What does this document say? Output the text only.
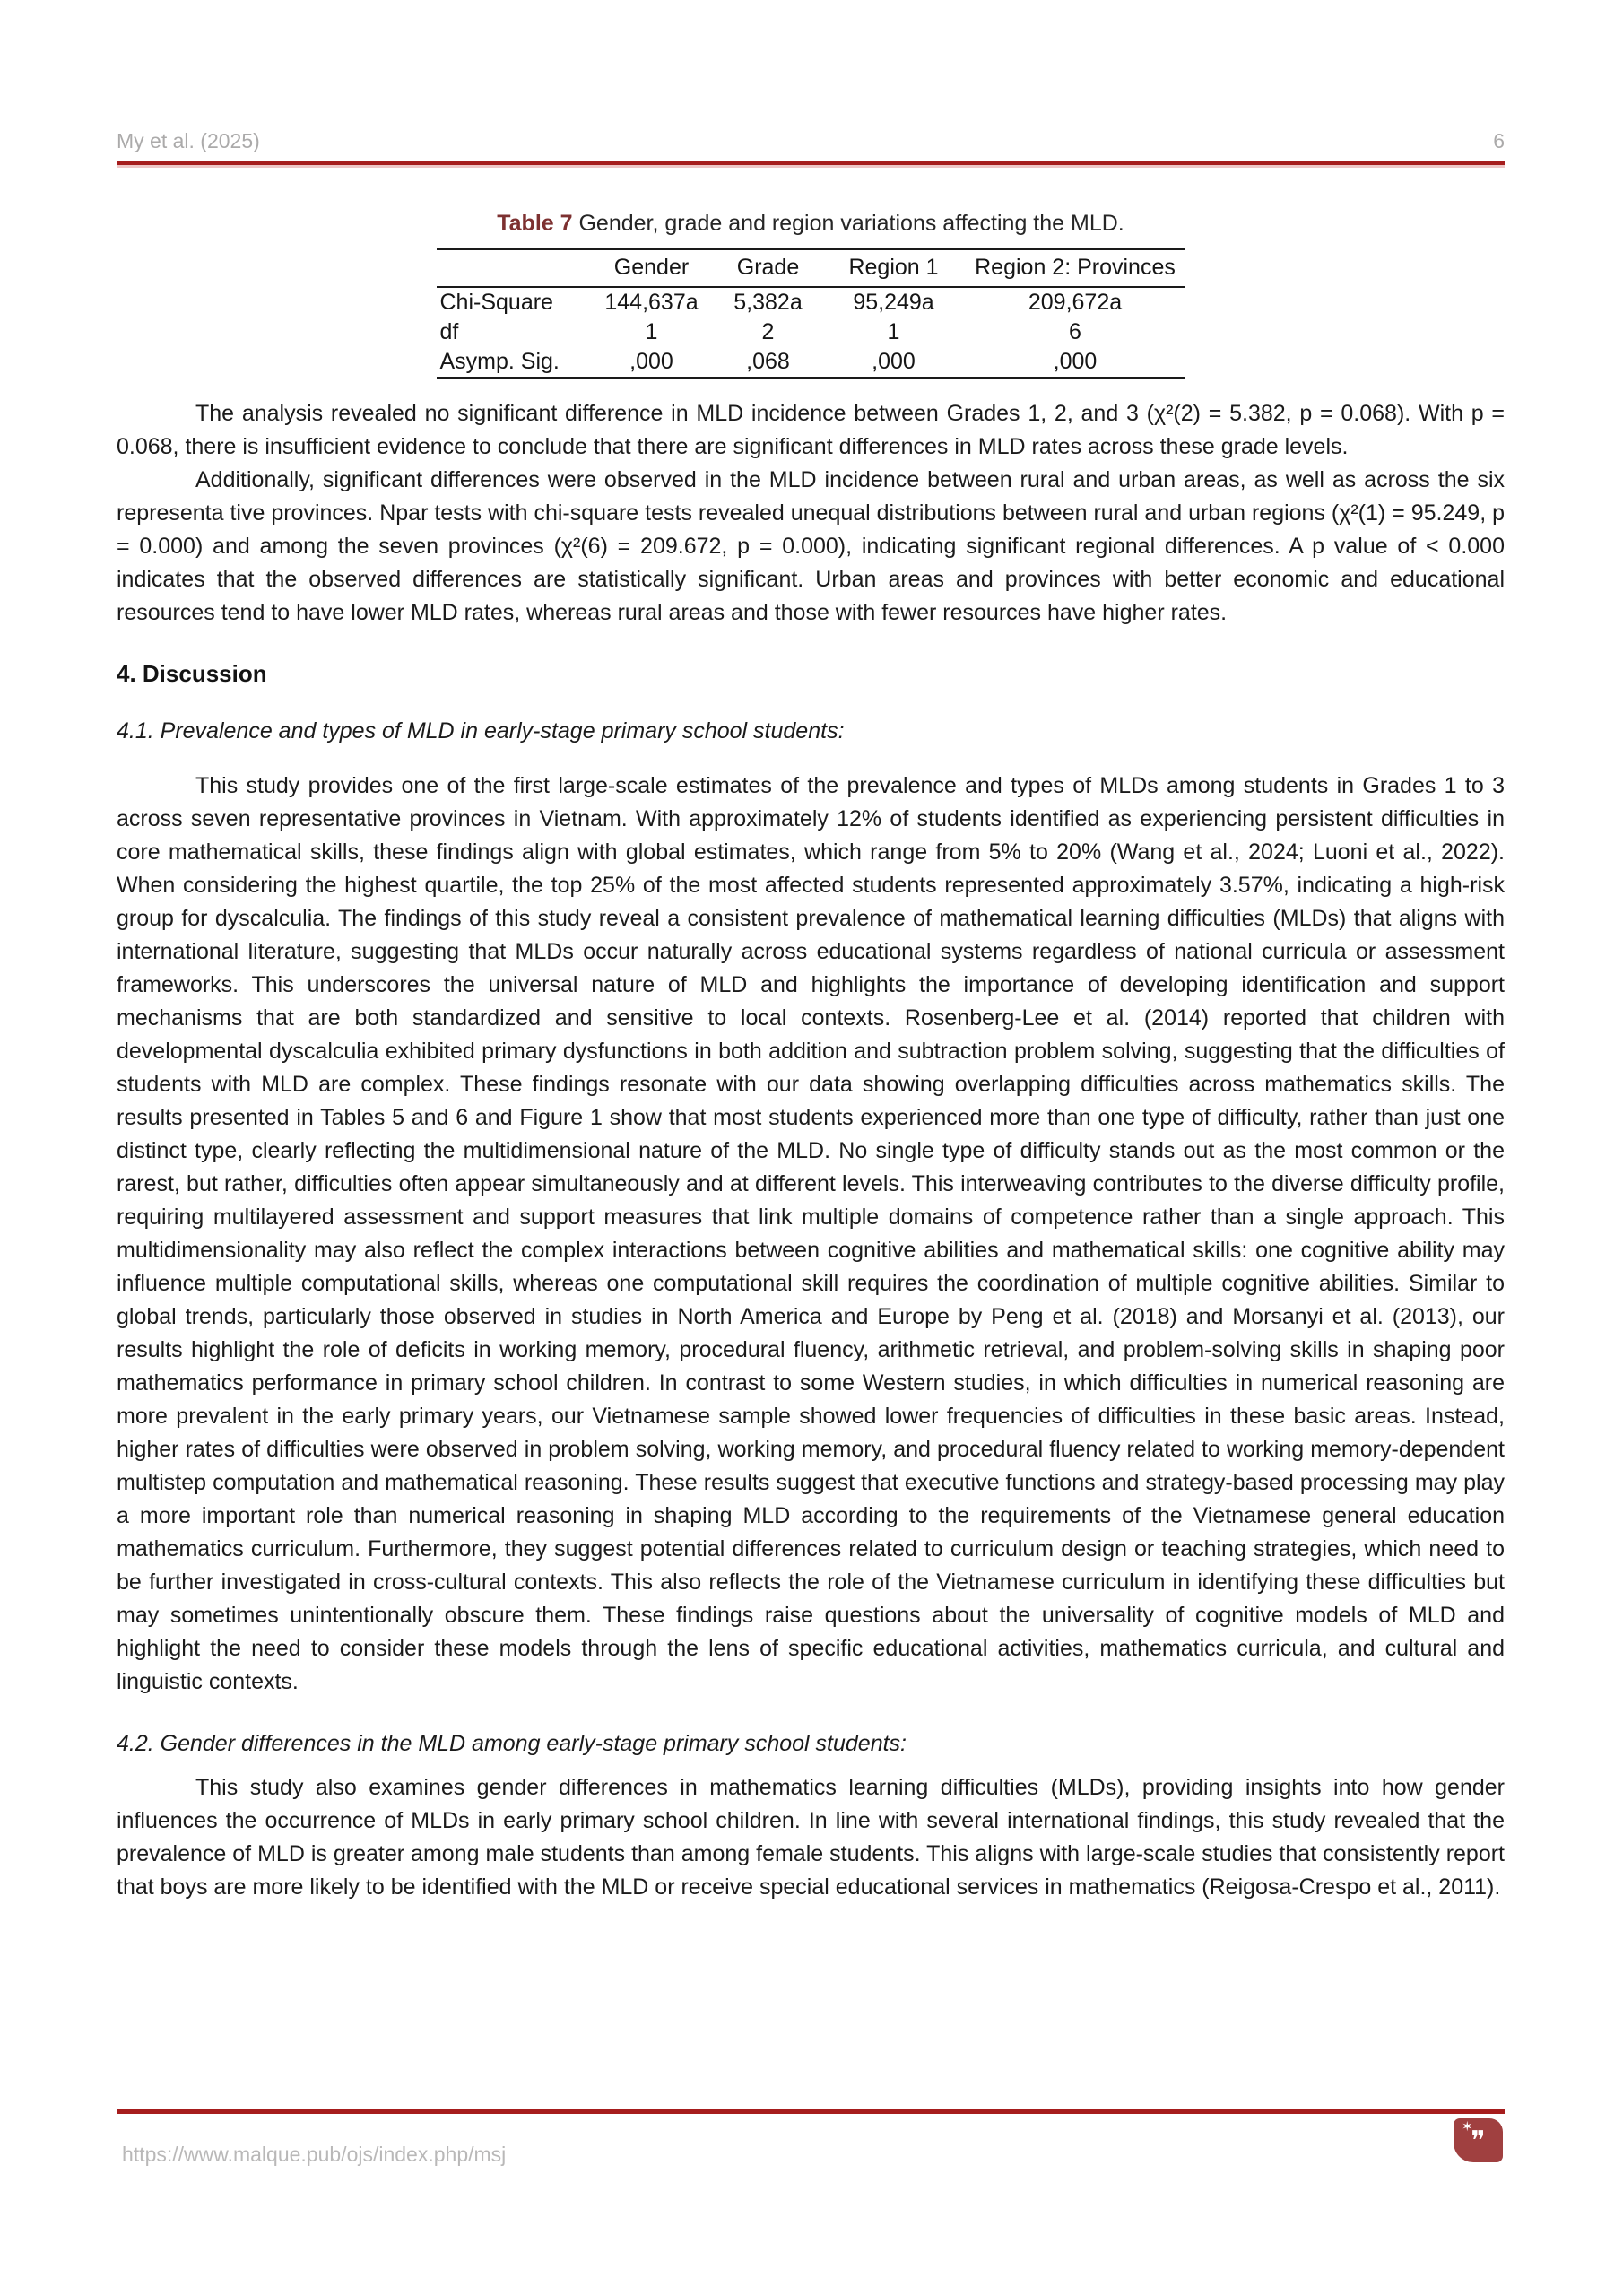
My et al. (2025)	6
Table 7 Gender, grade and region variations affecting the MLD.
	Gender	Grade	Region 1	Region 2: Provinces
Chi-Square	144,637a	5,382a	95,249a	209,672a
df	1	2	1	6
Asymp. Sig.	,000	,068	,000	,000

The analysis revealed no significant difference in MLD incidence between Grades 1, 2, and 3 (χ²(2) = 5.382, p = 0.068). With p = 0.068, there is insufficient evidence to conclude that there are significant differences in MLD rates across these grade levels.

Additionally, significant differences were observed in the MLD incidence between rural and urban areas, as well as across the six representa tive provinces. Npar tests with chi-square tests revealed unequal distributions between rural and urban regions (χ²(1) = 95.249, p = 0.000) and among the seven provinces (χ²(6) = 209.672, p = 0.000), indicating significant regional differences. A p value of < 0.000 indicates that the observed differences are statistically significant. Urban areas and provinces with better economic and educational resources tend to have lower MLD rates, whereas rural areas and those with fewer resources have higher rates.

4. Discussion
4.1. Prevalence and types of MLD in early-stage primary school students:

This study provides one of the first large-scale estimates of the prevalence and types of MLDs among students in Grades 1 to 3 across seven representative provinces in Vietnam. With approximately 12% of students identified as experiencing persistent difficulties in core mathematical skills, these findings align with global estimates, which range from 5% to 20% (Wang et al., 2024; Luoni et al., 2022). When considering the highest quartile, the top 25% of the most affected students represented approximately 3.57%, indicating a high-risk group for dyscalculia. The findings of this study reveal a consistent prevalence of mathematical learning difficulties (MLDs) that aligns with international literature, suggesting that MLDs occur naturally across educational systems regardless of national curricula or assessment frameworks. This underscores the universal nature of MLD and highlights the importance of developing identification and support mechanisms that are both standardized and sensitive to local contexts. Rosenberg-Lee et al. (2014) reported that children with developmental dyscalculia exhibited primary dysfunctions in both addition and subtraction problem solving, suggesting that the difficulties of students with MLD are complex. These findings resonate with our data showing overlapping difficulties across mathematics skills. The results presented in Tables 5 and 6 and Figure 1 show that most students experienced more than one type of difficulty, rather than just one distinct type, clearly reflecting the multidimensional nature of the MLD. No single type of difficulty stands out as the most common or the rarest, but rather, difficulties often appear simultaneously and at different levels. This interweaving contributes to the diverse difficulty profile, requiring multilayered assessment and support measures that link multiple domains of competence rather than a single approach. This multidimensionality may also reflect the complex interactions between cognitive abilities and mathematical skills: one cognitive ability may influence multiple computational skills, whereas one computational skill requires the coordination of multiple cognitive abilities. Similar to global trends, particularly those observed in studies in North America and Europe by Peng et al. (2018) and Morsanyi et al. (2013), our results highlight the role of deficits in working memory, procedural fluency, arithmetic retrieval, and problem-solving skills in shaping poor mathematics performance in primary school children. In contrast to some Western studies, in which difficulties in numerical reasoning are more prevalent in the early primary years, our Vietnamese sample showed lower frequencies of difficulties in these basic areas. Instead, higher rates of difficulties were observed in problem solving, working memory, and procedural fluency related to working memory-dependent multistep computation and mathematical reasoning. These results suggest that executive functions and strategy-based processing may play a more important role than numerical reasoning in shaping MLD according to the requirements of the Vietnamese general education mathematics curriculum. Furthermore, they suggest potential differences related to curriculum design or teaching strategies, which need to be further investigated in cross-cultural contexts. This also reflects the role of the Vietnamese curriculum in identifying these difficulties but may sometimes unintentionally obscure them. These findings raise questions about the universality of cognitive models of MLD and highlight the need to consider these models through the lens of specific educational activities, mathematics curricula, and cultural and linguistic contexts.

4.2. Gender differences in the MLD among early-stage primary school students:

This study also examines gender differences in mathematics learning difficulties (MLDs), providing insights into how gender influences the occurrence of MLDs in early primary school children. In line with several international findings, this study revealed that the prevalence of MLD is greater among male students than among female students. This aligns with large-scale studies that consistently report that boys are more likely to be identified with the MLD or receive special educational services in mathematics (Reigosa-Crespo et al., 2011).

https://www.malque.pub/ojs/index.php/msj
✶
❞
